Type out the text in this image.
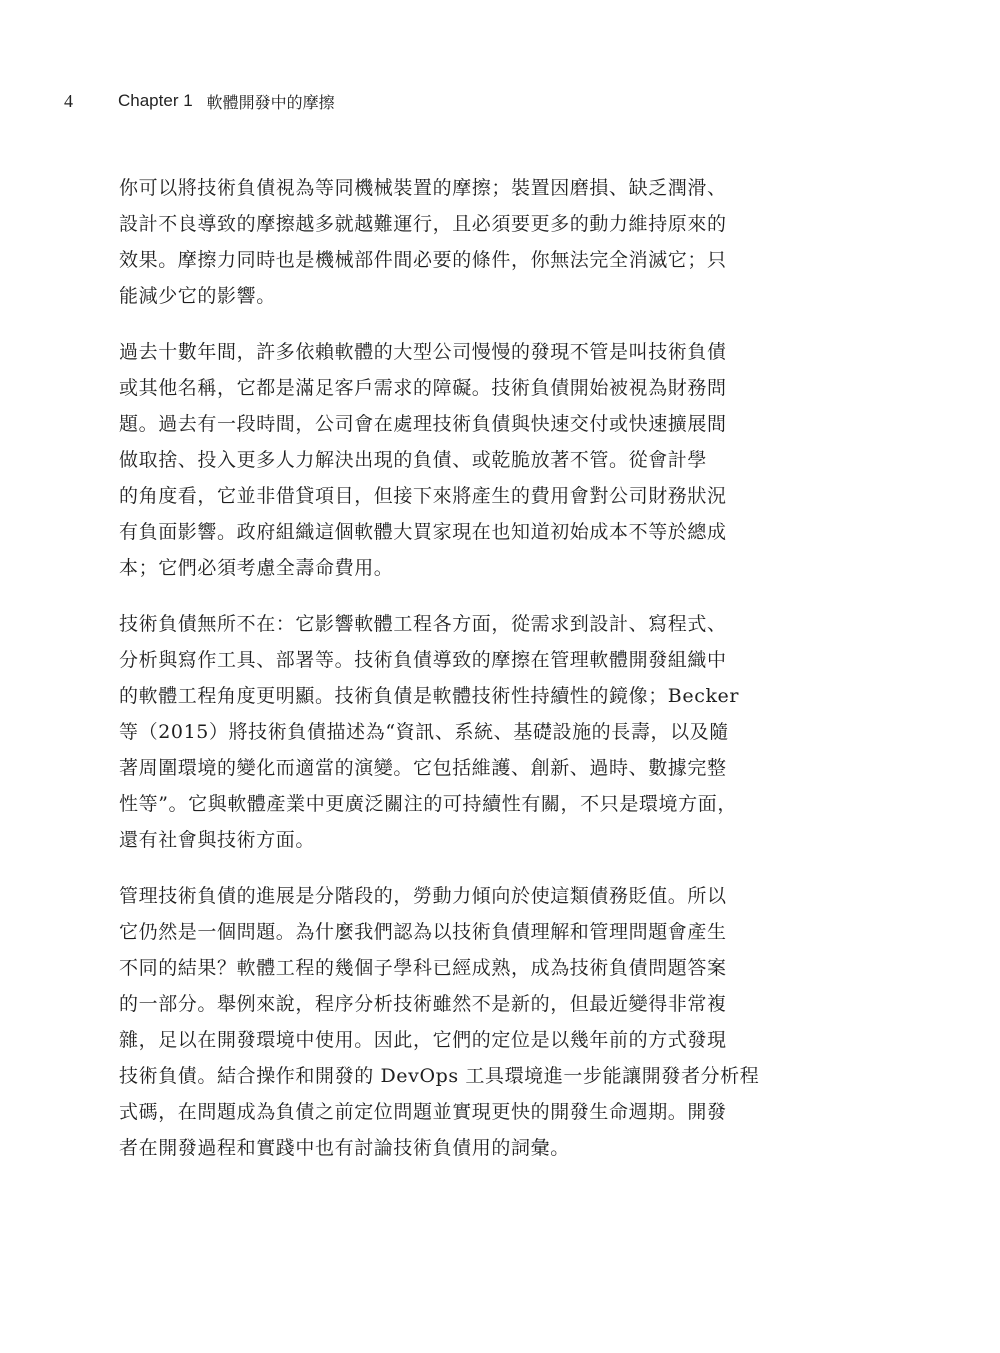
4	Chapter 1 軟體開發中的摩擦

你可以將技術負債視為等同機械裝置的摩擦；裝置因磨損、缺乏潤滑、
設計不良導致的摩擦越多就越難運行，且必須要更多的動力維持原來的
效果。摩擦力同時也是機械部件間必要的條件，你無法完全消滅它；只
能減少它的影響。

過去十數年間，許多依賴軟體的大型公司慢慢的發現不管是叫技術負債
或其他名稱，它都是滿足客戶需求的障礙。技術負債開始被視為財務問
題。過去有一段時間，公司會在處理技術負債與快速交付或快速擴展間
做取捨、投入更多人力解決出現的負債、或乾脆放著不管。從會計學
的角度看，它並非借貸項目，但接下來將產生的費用會對公司財務狀況
有負面影響。政府組織這個軟體大買家現在也知道初始成本不等於總成
本；它們必須考慮全壽命費用。

技術負債無所不在：它影響軟體工程各方面，從需求到設計、寫程式、
分析與寫作工具、部署等。技術負債導致的摩擦在管理軟體開發組織中
的軟體工程角度更明顯。技術負債是軟體技術性持續性的鏡像；Becker
等（2015）將技術負債描述為“資訊、系統、基礎設施的長壽，以及隨
著周圍環境的變化而適當的演變。它包括維護、創新、過時、數據完整
性等”。它與軟體產業中更廣泛關注的可持續性有關，不只是環境方面，
還有社會與技術方面。

管理技術負債的進展是分階段的，勞動力傾向於使這類債務貶值。所以
它仍然是一個問題。為什麼我們認為以技術負債理解和管理問題會產生
不同的結果？軟體工程的幾個子學科已經成熟，成為技術負債問題答案
的一部分。舉例來說，程序分析技術雖然不是新的，但最近變得非常複
雜，足以在開發環境中使用。因此，它們的定位是以幾年前的方式發現
技術負債。結合操作和開發的 DevOps 工具環境進一步能讓開發者分析程
式碼，在問題成為負債之前定位問題並實現更快的開發生命週期。開發
者在開發過程和實踐中也有討論技術負債用的詞彙。
